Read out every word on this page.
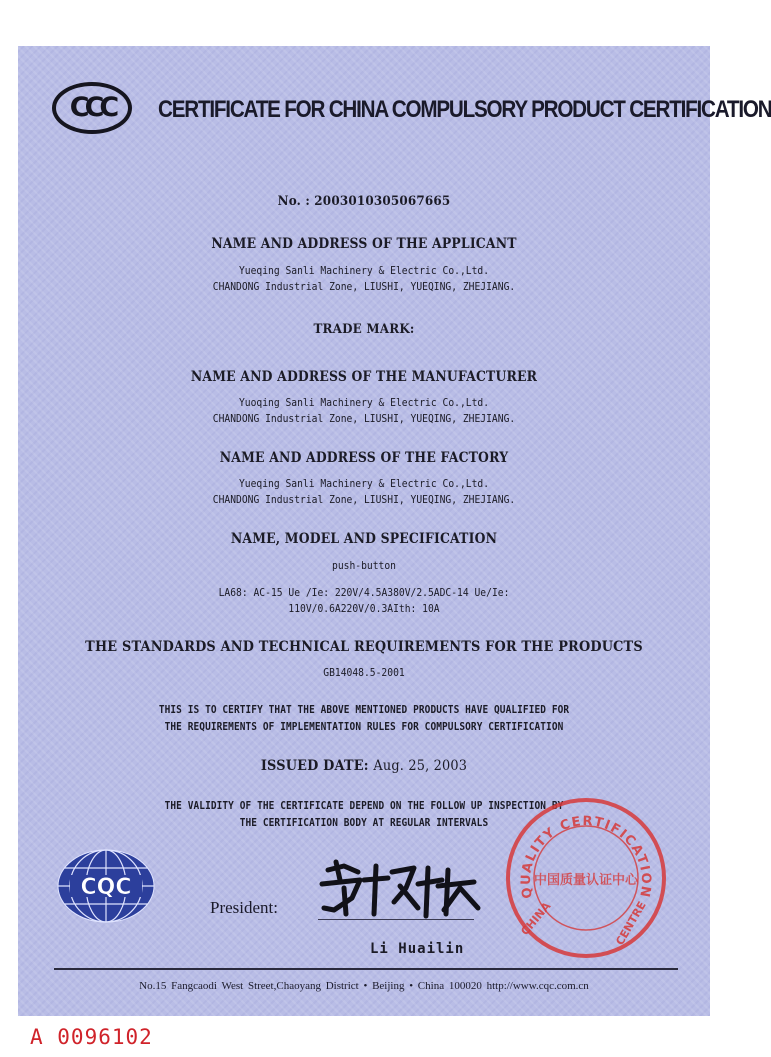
CCC	CERTIFICATE FOR CHINA COMPULSORY PRODUCT CERTIFICATION
No. : 2003010305067665
NAME AND ADDRESS OF THE APPLICANT
Yueqing Sanli Machinery & Electric Co.,Ltd.
CHANDONG Industrial Zone, LIUSHI, YUEQING, ZHEJIANG.
TRADE MARK:
NAME AND ADDRESS OF THE MANUFACTURER
Yuoqing Sanli Machinery & Electric Co.,Ltd.
CHANDONG Industrial Zone, LIUSHI, YUEQING, ZHEJIANG.
NAME AND ADDRESS OF THE FACTORY
Yueqing Sanli Machinery & Electric Co.,Ltd.
CHANDONG Industrial Zone, LIUSHI, YUEQING, ZHEJIANG.
NAME, MODEL AND SPECIFICATION
push-button
LA68: AC-15 Ue /Ie: 220V/4.5A380V/2.5ADC-14 Ue/Ie:
110V/0.6A220V/0.3AIth: 10A
THE STANDARDS AND TECHNICAL REQUIREMENTS FOR THE PRODUCTS
GB14048.5-2001
THIS IS TO CERTIFY THAT THE ABOVE MENTIONED PRODUCTS HAVE QUALIFIED FOR
THE REQUIREMENTS OF IMPLEMENTATION RULES FOR COMPULSORY CERTIFICATION
ISSUED DATE: Aug. 25, 2003
THE VALIDITY OF THE CERTIFICATE DEPEND ON THE FOLLOW UP INSPECTION BY
THE CERTIFICATION BODY AT REGULAR INTERVALS
CQC
President:
QUALITY CERTIFICATION
CHINA	CENTRE
中国质量认证中心
Li Huailin
No.15 Fangcaodi West Street,Chaoyang District • Beijing • China 100020 http://www.cqc.com.cn
A 0096102
